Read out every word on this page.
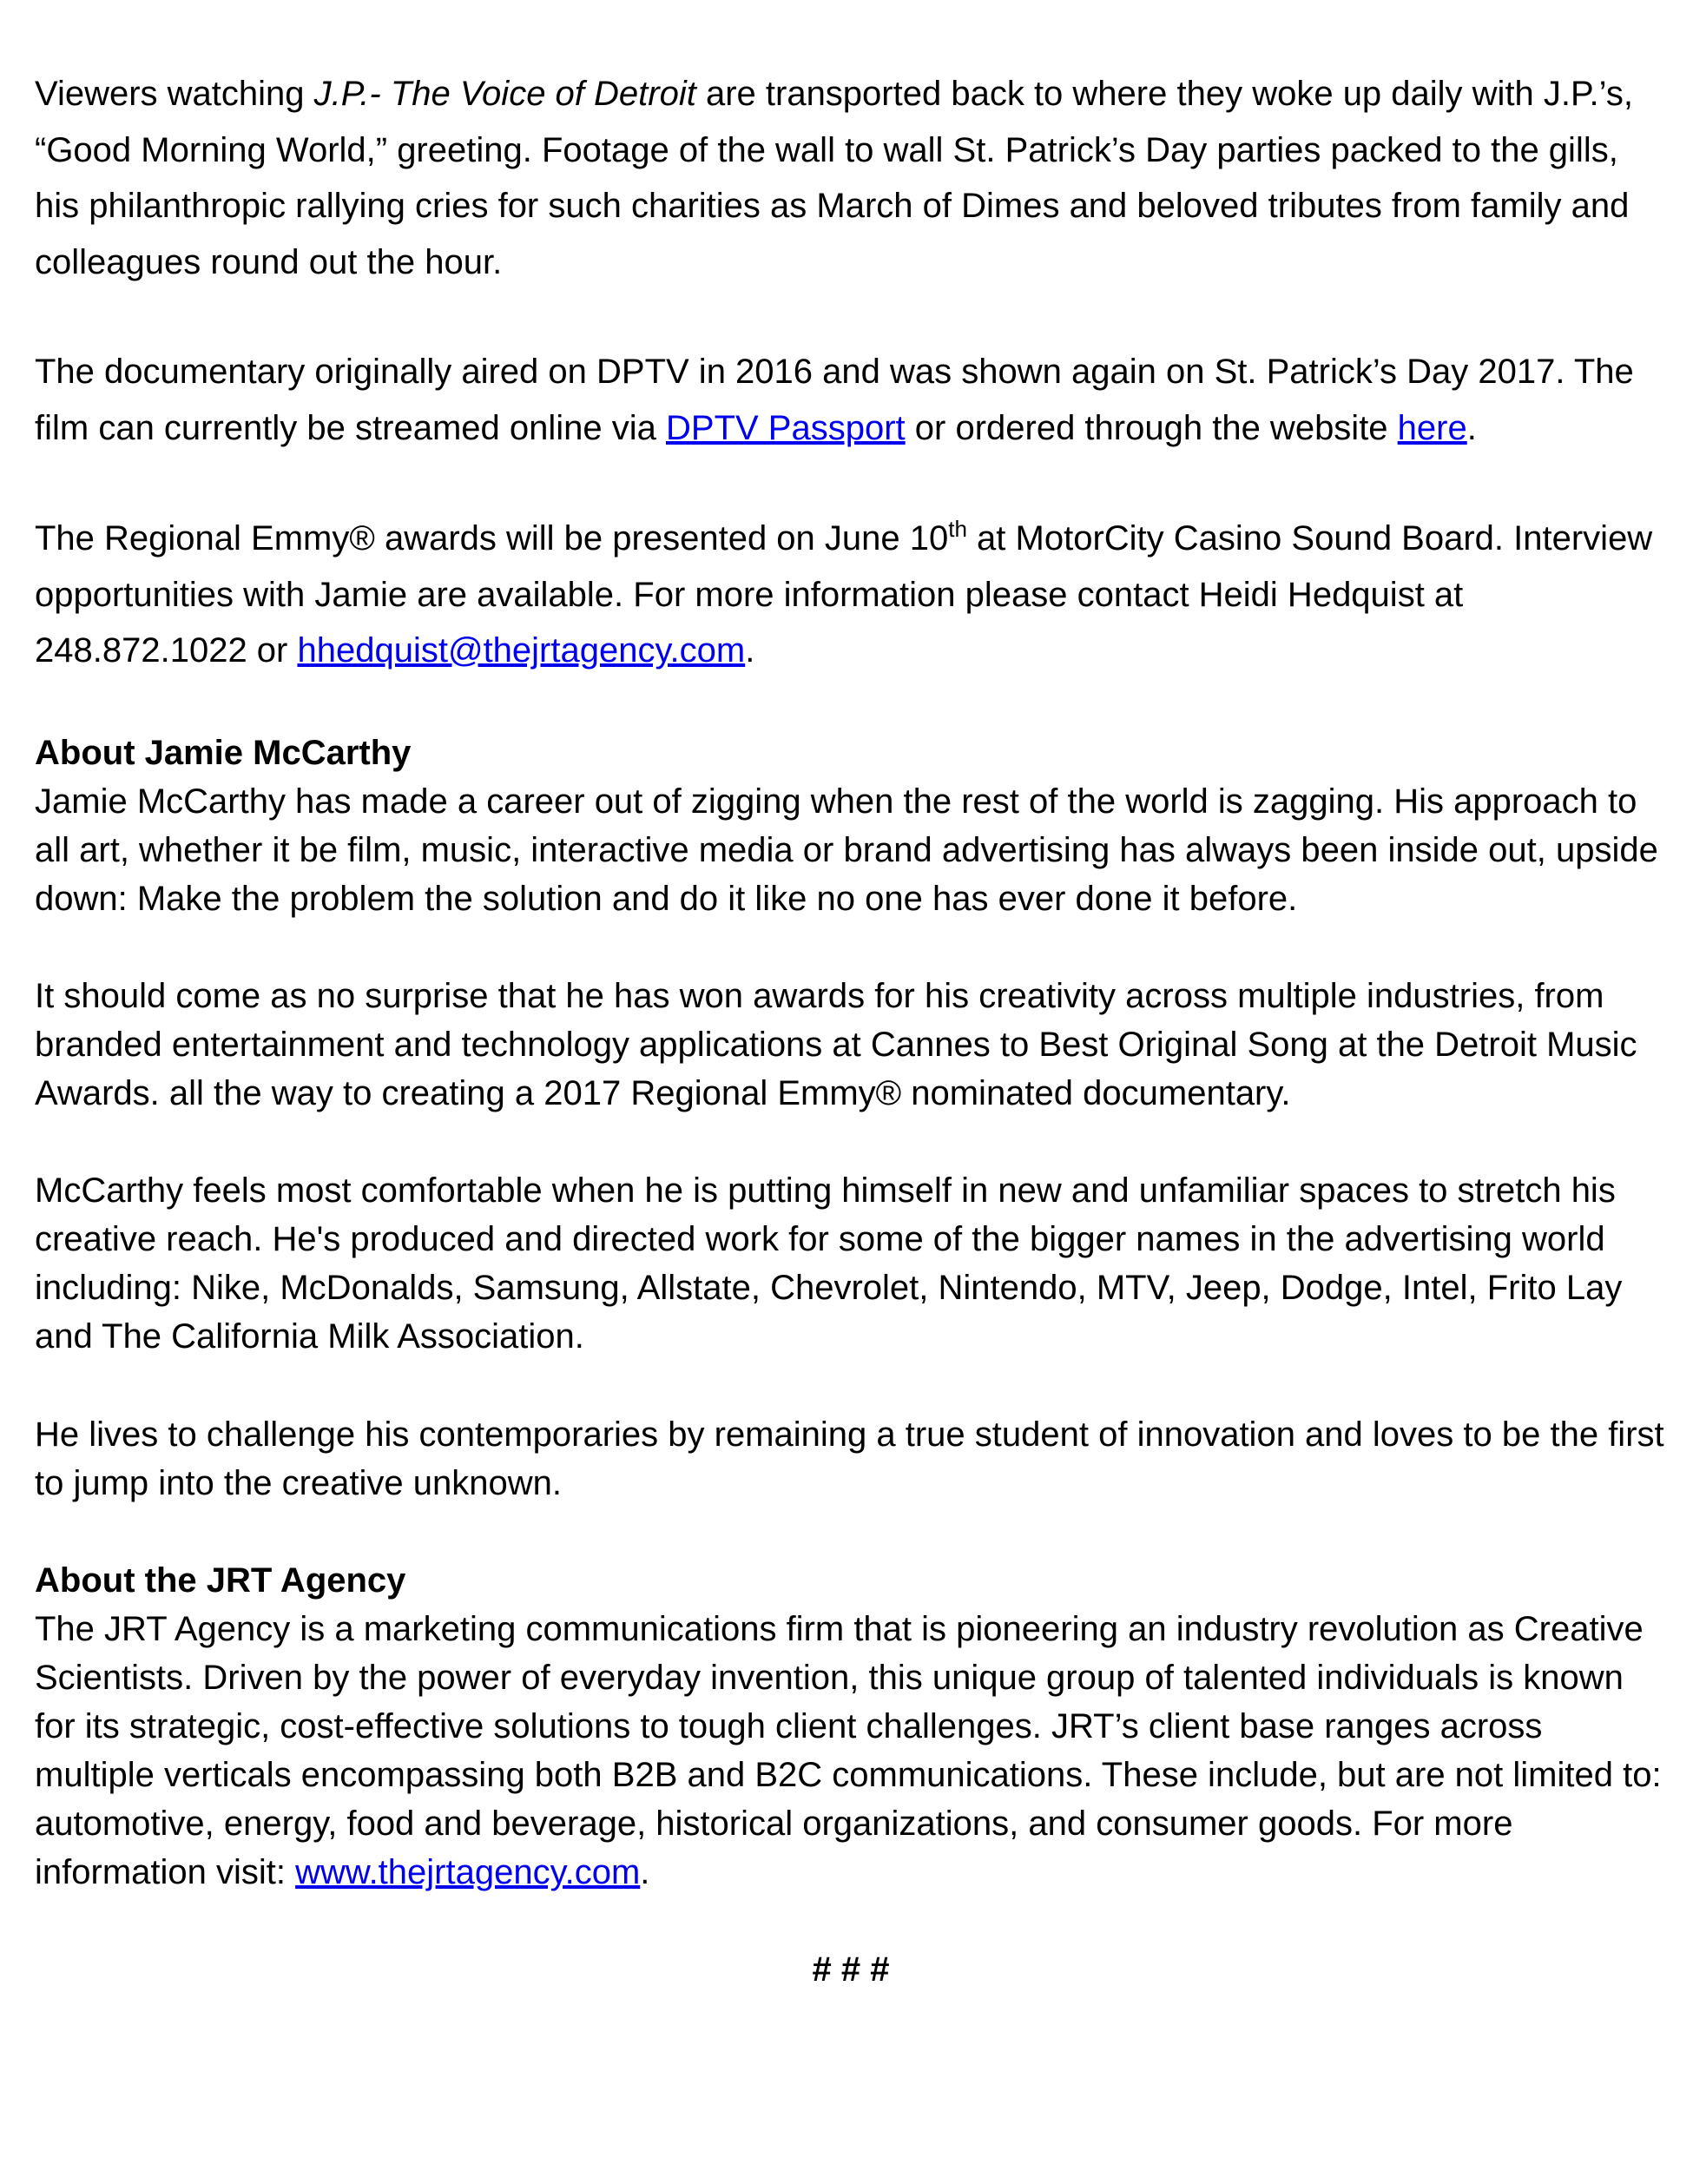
Viewers watching J.P.- The Voice of Detroit are transported back to where they woke up daily with J.P.’s, “Good Morning World,” greeting. Footage of the wall to wall St. Patrick’s Day parties packed to the gills, his philanthropic rallying cries for such charities as March of Dimes and beloved tributes from family and colleagues round out the hour.

The documentary originally aired on DPTV in 2016 and was shown again on St. Patrick’s Day 2017. The film can currently be streamed online via DPTV Passport or ordered through the website here.

The Regional Emmy® awards will be presented on June 10th at MotorCity Casino Sound Board. Interview opportunities with Jamie are available. For more information please contact Heidi Hedquist at 248.872.1022 or hhedquist@thejrtagency.com.

About Jamie McCarthy

Jamie McCarthy has made a career out of zigging when the rest of the world is zagging. His approach to all art, whether it be film, music, interactive media or brand advertising has always been inside out, upside down: Make the problem the solution and do it like no one has ever done it before.

It should come as no surprise that he has won awards for his creativity across multiple industries, from branded entertainment and technology applications at Cannes to Best Original Song at the Detroit Music Awards. all the way to creating a 2017 Regional Emmy® nominated documentary.

McCarthy feels most comfortable when he is putting himself in new and unfamiliar spaces to stretch his creative reach. He's produced and directed work for some of the bigger names in the advertising world including: Nike, McDonalds, Samsung, Allstate, Chevrolet, Nintendo, MTV, Jeep, Dodge, Intel, Frito Lay and The California Milk Association.

He lives to challenge his contemporaries by remaining a true student of innovation and loves to be the first to jump into the creative unknown.

About the JRT Agency

The JRT Agency is a marketing communications firm that is pioneering an industry revolution as Creative Scientists. Driven by the power of everyday invention, this unique group of talented individuals is known for its strategic, cost-effective solutions to tough client challenges. JRT’s client base ranges across multiple verticals encompassing both B2B and B2C communications. These include, but are not limited to: automotive, energy, food and beverage, historical organizations, and consumer goods. For more information visit: www.thejrtagency.com.

# # #
